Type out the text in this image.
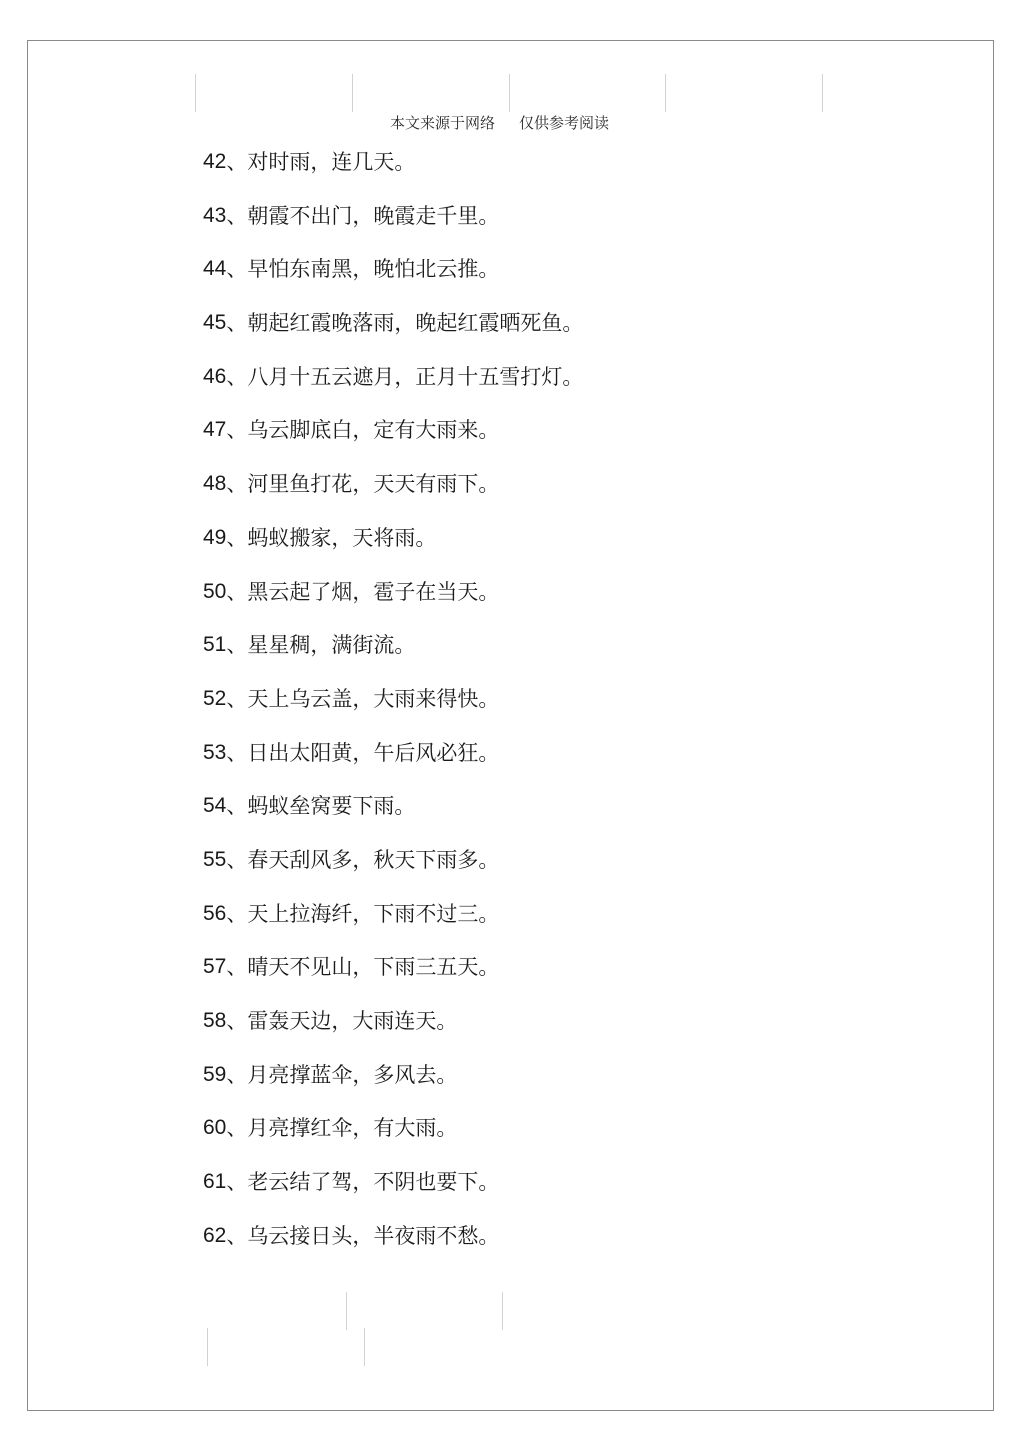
本文来源于网络 仅供参考阅读
42 、对时雨，连几天。
43 、朝霞不出门，晚霞走千里。
44 、早怕东南黑，晚怕北云推。
45 、朝起红霞晚落雨，晚起红霞晒死鱼。
46 、八月十五云遮月，正月十五雪打灯。
47 、乌云脚底白，定有大雨来。
48 、河里鱼打花，天天有雨下。
49 、蚂蚁搬家，天将雨。
50 、黑云起了烟，雹子在当天。
51 、星星稠，满街流。
52 、天上乌云盖，大雨来得快。
53 、日出太阳黄，午后风必狂。
54 、蚂蚁垒窝要下雨。
55 、春天刮风多，秋天下雨多。
56 、天上拉海纤，下雨不过三。
57 、晴天不见山，下雨三五天。
58 、雷轰天边，大雨连天。
59 、月亮撑蓝伞，多风去。
60 、月亮撑红伞，有大雨。
61 、老云结了驾，不阴也要下。
62 、乌云接日头，半夜雨不愁。
